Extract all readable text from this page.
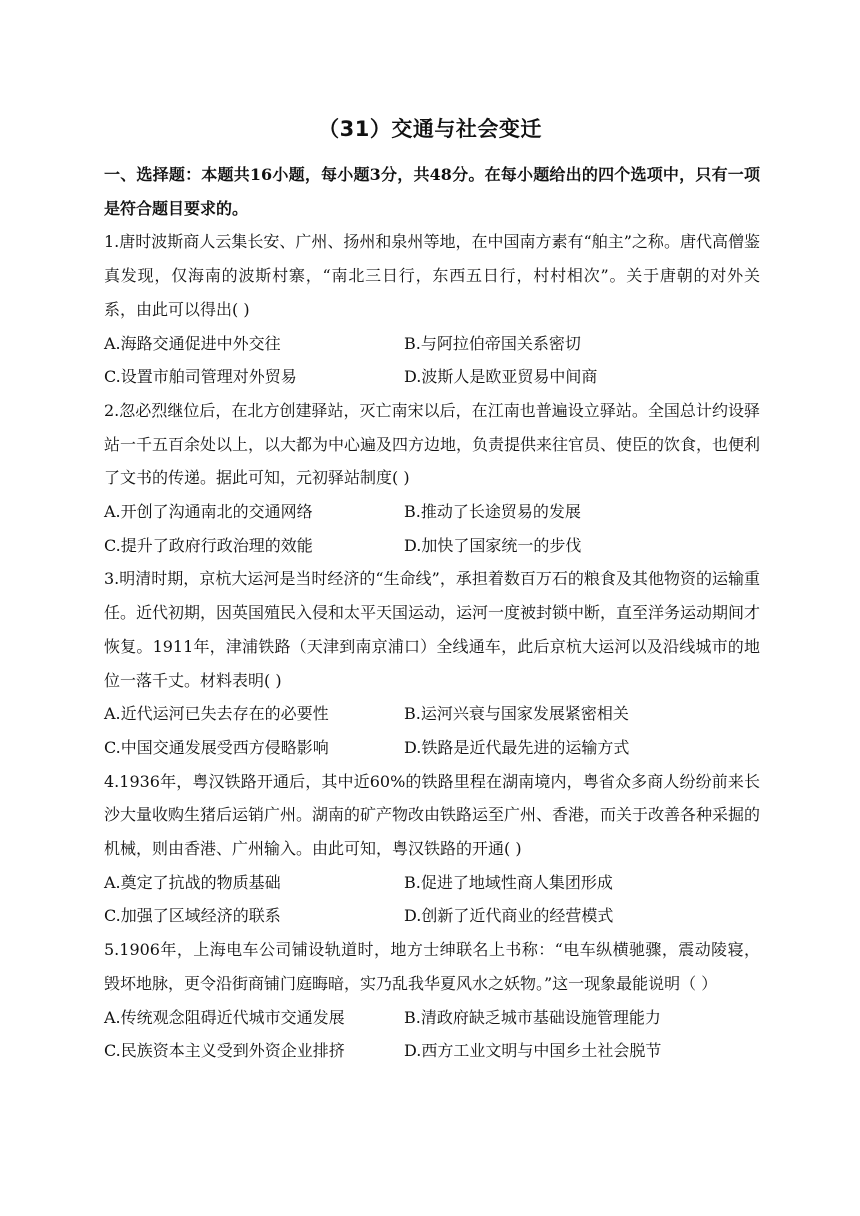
（31）交通与社会变迁

一、选择题：本题共16小题，每小题3分，共48分。在每小题给出的四个选项中，只有一项是符合题目要求的。

1.唐时波斯商人云集长安、广州、扬州和泉州等地，在中国南方素有“舶主”之称。唐代高僧鉴真发现，仅海南的波斯村寨，“南北三日行，东西五日行，村村相次”。关于唐朝的对外关系，由此可以得出( )

A.海路交通促进中外交往	B.与阿拉伯帝国关系密切
C.设置市舶司管理对外贸易	D.波斯人是欧亚贸易中间商

2.忽必烈继位后，在北方创建驿站，灭亡南宋以后，在江南也普遍设立驿站。全国总计约设驿站一千五百余处以上，以大都为中心遍及四方边地，负责提供来往官员、使臣的饮食，也便利了文书的传递。据此可知，元初驿站制度( )

A.开创了沟通南北的交通网络	B.推动了长途贸易的发展
C.提升了政府行政治理的效能	D.加快了国家统一的步伐

3.明清时期，京杭大运河是当时经济的“生命线”，承担着数百万石的粮食及其他物资的运输重任。近代初期，因英国殖民入侵和太平天国运动，运河一度被封锁中断，直至洋务运动期间才恢复。1911年，津浦铁路（天津到南京浦口）全线通车，此后京杭大运河以及沿线城市的地位一落千丈。材料表明( )

A.近代运河已失去存在的必要性	B.运河兴衰与国家发展紧密相关
C.中国交通发展受西方侵略影响	D.铁路是近代最先进的运输方式

4.1936年，粤汉铁路开通后，其中近60%的铁路里程在湖南境内，粤省众多商人纷纷前来长沙大量收购生猪后运销广州。湖南的矿产物改由铁路运至广州、香港，而关于改善各种采掘的机械，则由香港、广州输入。由此可知，粤汉铁路的开通( )

A.奠定了抗战的物质基础	B.促进了地域性商人集团形成
C.加强了区域经济的联系	D.创新了近代商业的经营模式

5.1906年，上海电车公司铺设轨道时，地方士绅联名上书称：“电车纵横驰骤，震动陵寝，毁坏地脉，更令沿街商铺门庭晦暗，实乃乱我华夏风水之妖物。”这一现象最能说明（ ）

A.传统观念阻碍近代城市交通发展	B.清政府缺乏城市基础设施管理能力
C.民族资本主义受到外资企业排挤	D.西方工业文明与中国乡土社会脱节
